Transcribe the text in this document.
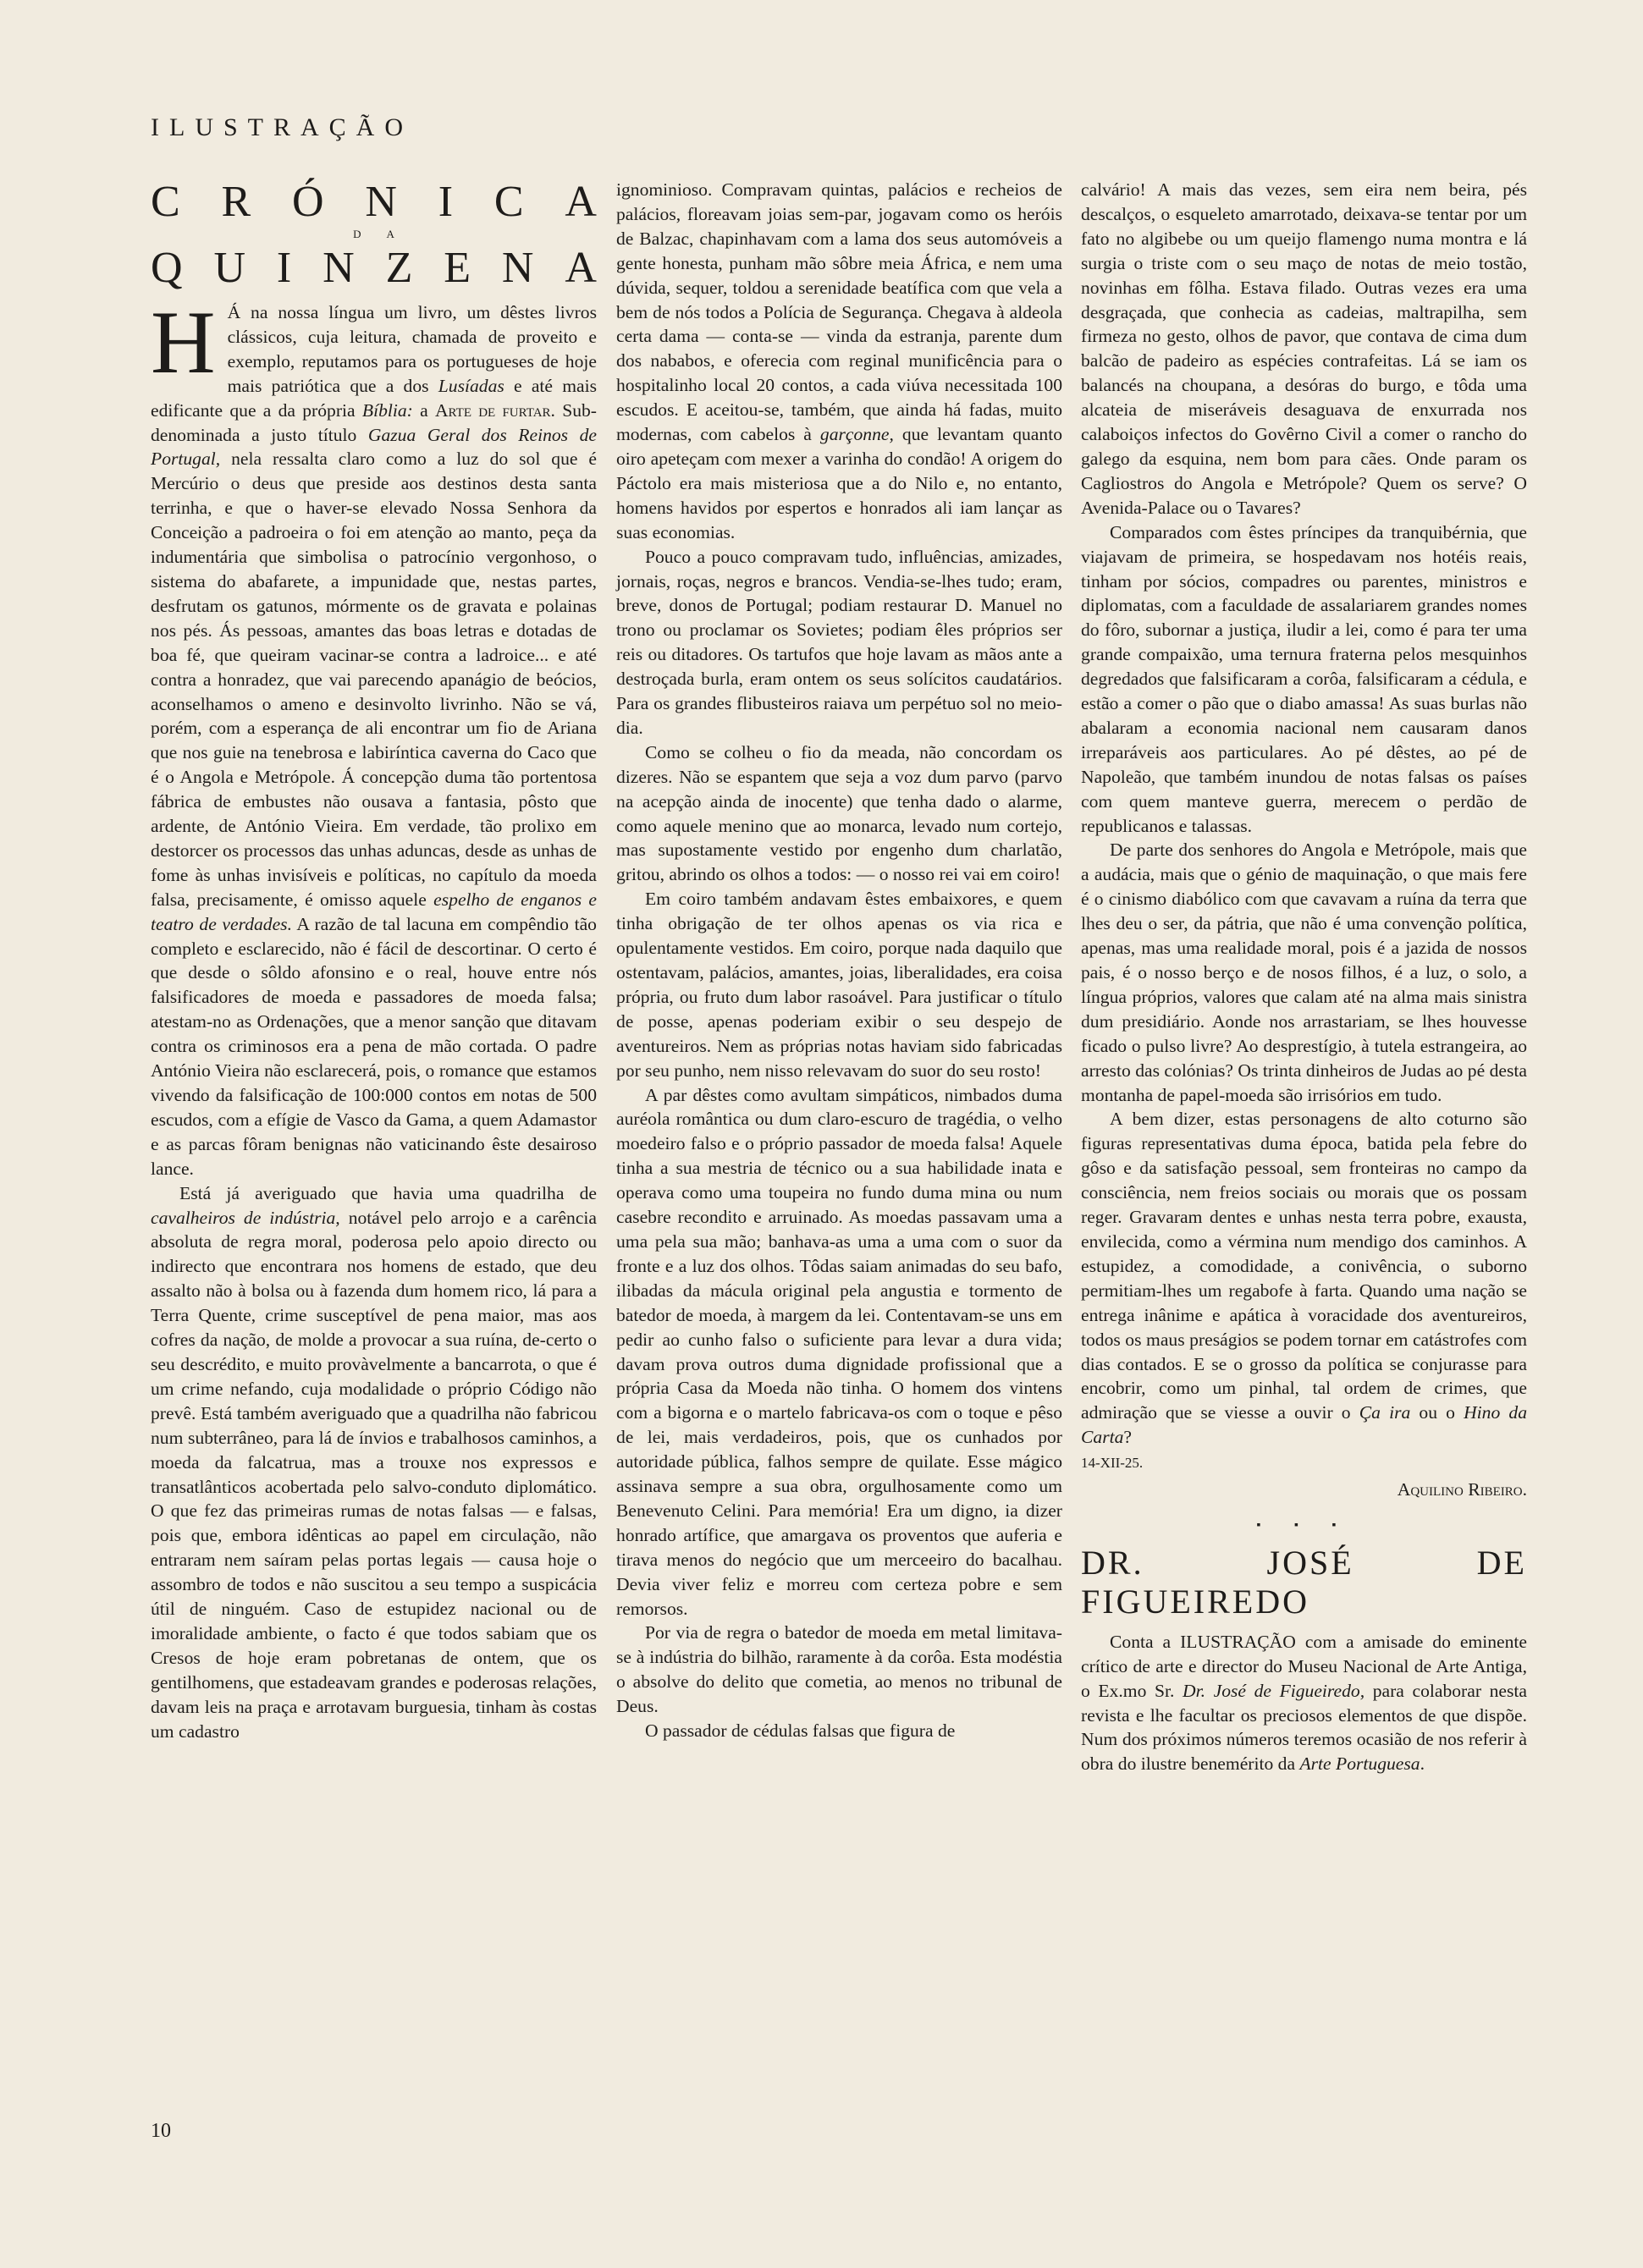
ILUSTRAÇÃO
C R Ó N I C A
DA
Q U I N Z E N A

H Á na nossa língua um livro, um dêstes livros clássicos, cuja leitura, chamada de proveito e exemplo, reputamos para os portugueses de hoje mais patriótica que a dos Lusíadas e até mais edificante que a da própria Bíblia: a Arte de furtar. Sub-denominada a justo título Gazua Geral dos Reinos de Portugal, nela ressalta claro como a luz do sol que é Mercúrio o deus que preside aos destinos desta santa terrinha, e que o haver-se elevado Nossa Senhora da Conceição a padroeira o foi em atenção ao manto, peça da indumentária que simbolisa o patrocínio vergonhoso, o sistema do abafarete, a impunidade que, nestas partes, desfrutam os gatunos, mórmente os de gravata e polainas nos pés. Ás pessoas, amantes das boas letras e dotadas de boa fé, que queiram vacinar-se contra a ladroice... e até contra a honradez, que vai parecendo apanágio de beócios, aconselhamos o ameno e desinvolto livrinho. Não se vá, porém, com a esperança de ali encontrar um fio de Ariana que nos guie na tenebrosa e labiríntica caverna do Caco que é o Angola e Metrópole. Á concepção duma tão portentosa fábrica de embustes não ousava a fantasia, pôsto que ardente, de António Vieira. Em verdade, tão prolixo em destorcer os processos das unhas aduncas, desde as unhas de fome às unhas invisíveis e políticas, no capítulo da moeda falsa, precisamente, é omisso aquele espelho de enganos e teatro de verdades. A razão de tal lacuna em compêndio tão completo e esclarecido, não é fácil de descortinar. O certo é que desde o sôldo afonsino e o real, houve entre nós falsificadores de moeda e passadores de moeda falsa; atestam-no as Ordenações, que a menor sanção que ditavam contra os criminosos era a pena de mão cortada. O padre António Vieira não esclarecerá, pois, o romance que estamos vivendo da falsificação de 100:000 contos em notas de 500 escudos, com a efígie de Vasco da Gama, a quem Adamastor e as parcas fôram benignas não vaticinando êste desairoso lance.

Está já averiguado que havia uma quadrilha de cavalheiros de indústria, notável pelo arrojo e a carência absoluta de regra moral, poderosa pelo apoio directo ou indirecto que encontrara nos homens de estado, que deu assalto não à bolsa ou à fazenda dum homem rico, lá para a Terra Quente, crime susceptível de pena maior, mas aos cofres da nação, de molde a provocar a sua ruína, de-certo o seu descrédito, e muito provàvelmente a bancarrota, o que é um crime nefando, cuja modalidade o próprio Código não prevê. Está também averiguado que a quadrilha não fabricou num subterrâneo, para lá de ínvios e trabalhosos caminhos, a moeda da falcatrua, mas a trouxe nos expressos e transatlânticos acobertada pelo salvo-conduto diplomático. O que fez das primeiras rumas de notas falsas — e falsas, pois que, embora idênticas ao papel em circulação, não entraram nem saíram pelas portas legais — causa hoje o assombro de todos e não suscitou a seu tempo a suspicácia útil de ninguém. Caso de estupidez nacional ou de imoralidade ambiente, o facto é que todos sabiam que os Cresos de hoje eram pobretanas de ontem, que os gentilhomens, que estadeavam grandes e poderosas relações, davam leis na praça e arrotavam burguesia, tinham às costas um cadastro

ignominioso. Compravam quintas, palácios e recheios de palácios, floreavam joias sem-par, jogavam como os heróis de Balzac, chapinhavam com a lama dos seus automóveis a gente honesta, punham mão sôbre meia África, e nem uma dúvida, sequer, toldou a serenidade beatífica com que vela a bem de nós todos a Polícia de Segurança. Chegava à aldeola certa dama — conta-se — vinda da estranja, parente dum dos nababos, e oferecia com reginal munificência para o hospitalinho local 20 contos, a cada viúva necessitada 100 escudos. E aceitou-se, também, que ainda há fadas, muito modernas, com cabelos à garçonne, que levantam quanto oiro apeteçam com mexer a varinha do condão! A origem do Páctolo era mais misteriosa que a do Nilo e, no entanto, homens havidos por espertos e honrados ali iam lançar as suas economias.

Pouco a pouco compravam tudo, influências, amizades, jornais, roças, negros e brancos. Vendia-se-lhes tudo; eram, breve, donos de Portugal; podiam restaurar D. Manuel no trono ou proclamar os Sovietes; podiam êles próprios ser reis ou ditadores. Os tartufos que hoje lavam as mãos ante a destroçada burla, eram ontem os seus solícitos caudatários. Para os grandes flibusteiros raiava um perpétuo sol no meio-dia.

Como se colheu o fio da meada, não concordam os dizeres. Não se espantem que seja a voz dum parvo (parvo na acepção ainda de inocente) que tenha dado o alarme, como aquele menino que ao monarca, levado num cortejo, mas supostamente vestido por engenho dum charlatão, gritou, abrindo os olhos a todos: — o nosso rei vai em coiro!

Em coiro também andavam êstes embaixores, e quem tinha obrigação de ter olhos apenas os via rica e opulentamente vestidos. Em coiro, porque nada daquilo que ostentavam, palácios, amantes, joias, liberalidades, era coisa própria, ou fruto dum labor rasoável. Para justificar o título de posse, apenas poderiam exibir o seu despejo de aventureiros. Nem as próprias notas haviam sido fabricadas por seu punho, nem nisso relevavam do suor do seu rosto!

A par dêstes como avultam simpáticos, nimbados duma auréola romântica ou dum claro-escuro de tragédia, o velho moedeiro falso e o próprio passador de moeda falsa! Aquele tinha a sua mestria de técnico ou a sua habilidade inata e operava como uma toupeira no fundo duma mina ou num casebre recondito e arruinado. As moedas passavam uma a uma pela sua mão; banhava-as uma a uma com o suor da fronte e a luz dos olhos. Tôdas saiam animadas do seu bafo, ilibadas da mácula original pela angustia e tormento de batedor de moeda, à margem da lei. Contentavam-se uns em pedir ao cunho falso o suficiente para levar a dura vida; davam prova outros duma dignidade profissional que a própria Casa da Moeda não tinha. O homem dos vintens com a bigorna e o martelo fabricava-os com o toque e pêso de lei, mais verdadeiros, pois, que os cunhados por autoridade pública, falhos sempre de quilate. Esse mágico assinava sempre a sua obra, orgulhosamente como um Benevenuto Celini. Para memória! Era um digno, ia dizer honrado artífice, que amargava os proventos que auferia e tirava menos do negócio que um merceeiro do bacalhau. Devia viver feliz e morreu com certeza pobre e sem remorsos.

Por via de regra o batedor de moeda em metal limitava-se à indústria do bilhão, raramente à da corôa. Esta modéstia o absolve do delito que cometia, ao menos no tribunal de Deus.

O passador de cédulas falsas que figura de

calvário! A mais das vezes, sem eira nem beira, pés descalços, o esqueleto amarrotado, deixava-se tentar por um fato no algibebe ou um queijo flamengo numa montra e lá surgia o triste com o seu maço de notas de meio tostão, novinhas em fôlha. Estava filado. Outras vezes era uma desgraçada, que conhecia as cadeias, maltrapilha, sem firmeza no gesto, olhos de pavor, que contava de cima dum balcão de padeiro as espécies contrafeitas. Lá se iam os balancés na choupana, a desóras do burgo, e tôda uma alcateia de miseráveis desaguava de enxurrada nos calaboiços infectos do Govêrno Civil a comer o rancho do galego da esquina, nem bom para cães. Onde param os Cagliostros do Angola e Metrópole? Quem os serve? O Avenida-Palace ou o Tavares?

Comparados com êstes príncipes da tranquibérnia, que viajavam de primeira, se hospedavam nos hotéis reais, tinham por sócios, compadres ou parentes, ministros e diplomatas, com a faculdade de assalariarem grandes nomes do fôro, subornar a justiça, iludir a lei, como é para ter uma grande compaixão, uma ternura fraterna pelos mesquinhos degredados que falsificaram a corôa, falsificaram a cédula, e estão a comer o pão que o diabo amassa! As suas burlas não abalaram a economia nacional nem causaram danos irreparáveis aos particulares. Ao pé dêstes, ao pé de Napoleão, que também inundou de notas falsas os países com quem manteve guerra, merecem o perdão de republicanos e talassas.

De parte dos senhores do Angola e Metrópole, mais que a audácia, mais que o génio de maquinação, o que mais fere é o cinismo diabólico com que cavavam a ruína da terra que lhes deu o ser, da pátria, que não é uma convenção política, apenas, mas uma realidade moral, pois é a jazida de nossos pais, é o nosso berço e de nosos filhos, é a luz, o solo, a língua próprios, valores que calam até na alma mais sinistra dum presidiário. Aonde nos arrastariam, se lhes houvesse ficado o pulso livre? Ao desprestígio, à tutela estrangeira, ao arresto das colónias? Os trinta dinheiros de Judas ao pé desta montanha de papel-moeda são irrisórios em tudo.

A bem dizer, estas personagens de alto coturno são figuras representativas duma época, batida pela febre do gôso e da satisfação pessoal, sem fronteiras no campo da consciência, nem freios sociais ou morais que os possam reger. Gravaram dentes e unhas nesta terra pobre, exausta, envilecida, como a vérmina num mendigo dos caminhos. A estupidez, a comodidade, a conivência, o suborno permitiam-lhes um regabofe à farta. Quando uma nação se entrega inânime e apática à voracidade dos aventureiros, todos os maus preságios se podem tornar em catástrofes com dias contados. E se o grosso da política se conjurasse para encobrir, como um pinhal, tal ordem de crimes, que admiração que se viesse a ouvir o Ça ira ou o Hino da Carta?

14-XII-25.

Aquilino Ribeiro.
▪ ▪ ▪
DR. JOSÉ DE FIGUEIREDO

Conta a ILUSTRAÇÃO com a amisade do eminente crítico de arte e director do Museu Nacional de Arte Antiga, o Ex.mo Sr. Dr. José de Figueiredo, para colaborar nesta revista e lhe facultar os preciosos elementos de que dispõe. Num dos próximos números teremos ocasião de nos referir à obra do ilustre benemérito da Arte Portuguesa.

10
